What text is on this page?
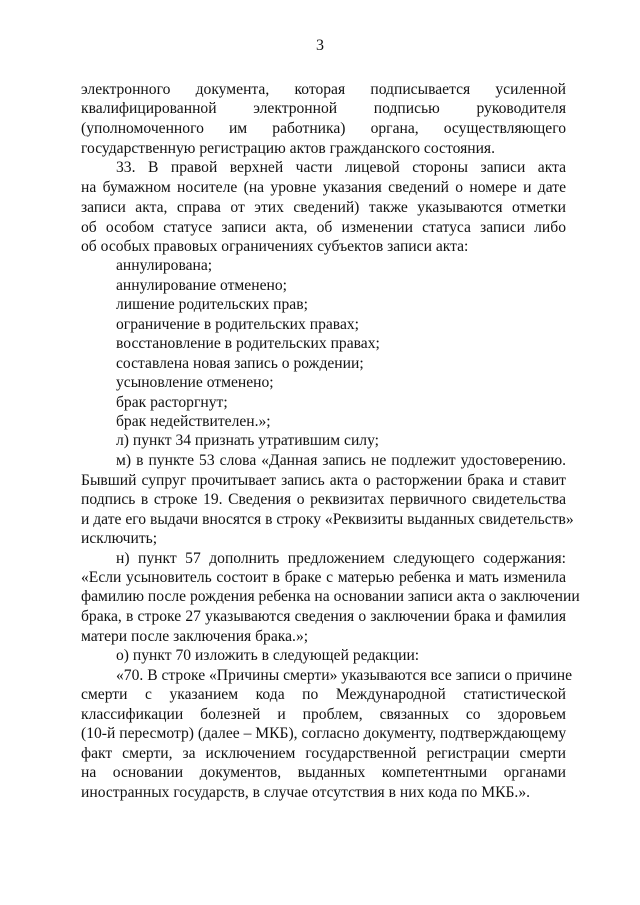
3
электронного документа, которая подписывается усиленной
квалифицированной электронной подписью руководителя
(уполномоченного им работника) органа, осуществляющего
государственную регистрацию актов гражданского состояния.
33. В правой верхней части лицевой стороны записи акта
на бумажном носителе (на уровне указания сведений о номере и дате
записи акта, справа от этих сведений) также указываются отметки
об особом статусе записи акта, об изменении статуса записи либо
об особых правовых ограничениях субъектов записи акта:
аннулирована;
аннулирование отменено;
лишение родительских прав;
ограничение в родительских правах;
восстановление в родительских правах;
составлена новая запись о рождении;
усыновление отменено;
брак расторгнут;
брак недействителен.»;
л) пункт 34 признать утратившим силу;
м) в пункте 53 слова «Данная запись не подлежит удостоверению.
Бывший супруг прочитывает запись акта о расторжении брака и ставит
подпись в строке 19. Сведения о реквизитах первичного свидетельства
и дате его выдачи вносятся в строку «Реквизиты выданных свидетельств»
исключить;
н) пункт 57 дополнить предложением следующего содержания:
«Если усыновитель состоит в браке с матерью ребенка и мать изменила
фамилию после рождения ребенка на основании записи акта о заключении
брака, в строке 27 указываются сведения о заключении брака и фамилия
матери после заключения брака.»;
о) пункт 70 изложить в следующей редакции:
«70. В строке «Причины смерти» указываются все записи о причине
смерти с указанием кода по Международной статистической
классификации болезней и проблем, связанных со здоровьем
(10-й пересмотр) (далее – МКБ), согласно документу, подтверждающему
факт смерти, за исключением государственной регистрации смерти
на основании документов, выданных компетентными органами
иностранных государств, в случае отсутствия в них кода по МКБ.».
